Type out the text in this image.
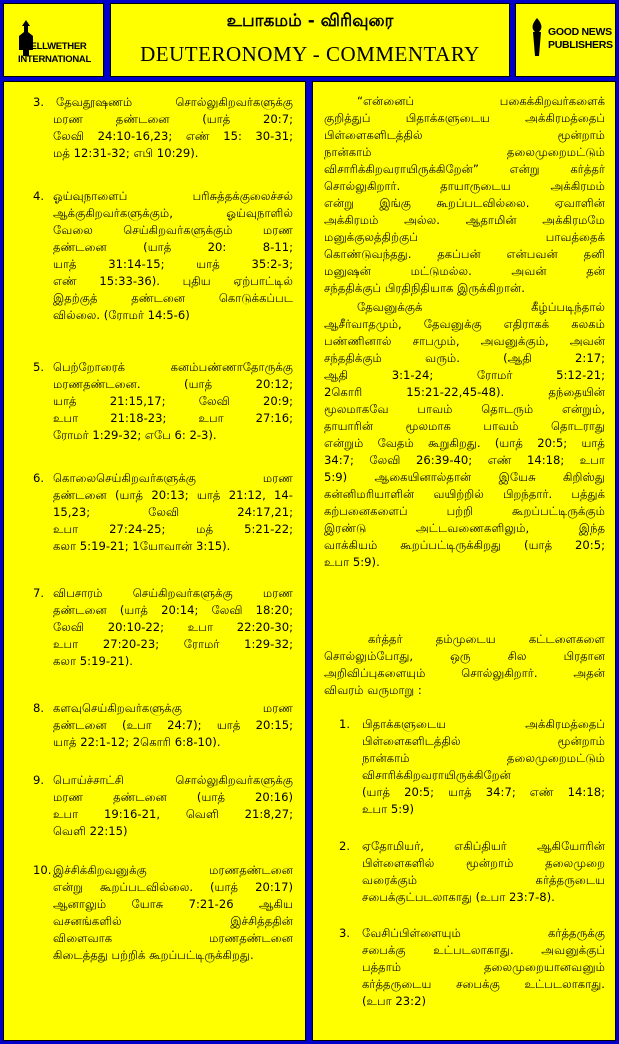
BELLWETHER
INTERNATIONAL
உபாகமம் - விரிவுரை
DEUTERONOMY - COMMENTARY
GOOD NEWS
PUBLISHERS
3. தேவதூஷணம் சொல்லுகிறவர்களுக்கு
மரண தண்டனை (யாத் 20:7;
லேவி 24:10-16,23; எண் 15: 30-31;
மத் 12:31-32; எபி 10:29).
4. ஓய்வுநாளைப் பரிசுத்தக்குலைச்சல்
ஆக்குகிறவர்களுக்கும், ஓய்வுநாளில்
வேலை செய்கிறவர்களுக்கும் மரண
தண்டனை (யாத் 20: 8-11;
யாத் 31:14-15; யாத் 35:2-3;
எண் 15:33-36). புதிய ஏற்பாட்டில்
இதற்குத் தண்டனை கொடுக்கப்பட
வில்லை. (ரோமர் 14:5-6)
5. பெற்றோரைக் கனம்பண்ணாதோருக்கு
மரணதண்டனை. (யாத் 20:12;
யாத் 21:15,17; லேவி 20:9;
உபா 21:18-23; உபா 27:16;
ரோமர் 1:29-32; எபே 6: 2-3).
6. கொலைசெய்கிறவர்களுக்கு மரண
தண்டனை (யாத் 20:13; யாத் 21:12, 14-
15,23; லேவி 24:17,21;
உபா 27:24-25; மத் 5:21-22;
கலா 5:19-21; 1யோவான் 3:15).
7. விபசாரம் செய்கிறவர்களுக்கு மரண
தண்டனை (யாத் 20:14; லேவி 18:20;
லேவி 20:10-22; உபா 22:20-30;
உபா 27:20-23; ரோமர் 1:29-32;
கலா 5:19-21).
8. களவுசெய்கிறவர்களுக்கு மரண
தண்டனை (உபா 24:7); யாத் 20:15;
யாத் 22:1-12; 2கொரி 6:8-10).
9. பொய்ச்சாட்சி சொல்லுகிறவர்களுக்கு
மரண தண்டனை (யாத் 20:16)
உபா 19:16-21, வெளி 21:8,27;
வெளி 22:15)
10. இச்சிக்கிறவனுக்கு மரணதண்டனை
என்று கூறப்படவில்லை. (யாத் 20:17)
ஆனாலும் யோசு 7:21-26 ஆகிய
வசனங்களில் இச்சித்ததின்
விளைவாக மரணதண்டனை
கிடைத்தது பற்றிக் கூறப்பட்டிருக்கிறது.
“என்னைப் பகைக்கிறவர்களைக்
குறித்துப் பிதாக்களுடைய அக்கிரமத்தைப்
பிள்ளைகளிடத்தில் மூன்றாம்
நான்காம் தலைமுறைமட்டும்
விசாரிக்கிறவராயிருக்கிறேன்” என்று கர்த்தர்
சொல்லுகிறார். தாயாருடைய அக்கிரமம்
என்று இங்கு கூறப்படவில்லை. ஏவாளின்
அக்கிரமம் அல்ல. ஆதாமின் அக்கிரமமே
மனுக்குலத்திற்குப் பாவத்தைக்
கொண்டுவந்தது. தகப்பன் என்பவன் தனி
மனுஷன் மட்டுமல்ல. அவன் தன்
சந்ததிக்குப் பிரதிநிதியாக இருக்கிறான்.
தேவனுக்குக் கீழ்ப்படிந்தால்
ஆசீர்வாதமும், தேவனுக்கு எதிராகக் கலகம்
பண்ணினால் சாபமும், அவனுக்கும், அவன்
சந்ததிக்கும் வரும். (ஆதி 2:17;
ஆதி 3:1-24; ரோமர் 5:12-21;
2கொரி 15:21-22,45-48). தந்தையின்
மூலமாகவே பாவம் தொடரும் என்றும்,
தாயாரின் மூலமாக பாவம் தொடராது
என்றும் வேதம் கூறுகிறது. (யாத் 20:5; யாத்
34:7; லேவி 26:39-40; எண் 14:18; உபா
5:9) ஆகையினால்தான் இயேசு கிறிஸ்து
கன்னிமரியாளின் வயிற்றில் பிறந்தார். பத்துக்
கற்பனைகளைப் பற்றி கூறப்பட்டிருக்கும்
இரண்டு அட்டவணைகளிலும், இந்த
வாக்கியம் கூறப்பட்டிருக்கிறது (யாத் 20:5;
உபா 5:9).
கர்த்தர் தம்முடைய கட்டளைகளை
சொல்லும்போது, ஒரு சில பிரதான
அறிவிப்புகளையும் சொல்லுகிறார். அதன்
விவரம் வருமாறு :
1. பிதாக்களுடைய அக்கிரமத்தைப்
பிள்ளைகளிடத்தில் மூன்றாம்
நான்காம் தலைமுறைமட்டும்
விசாரிக்கிறவராயிருக்கிறேன்
(யாத் 20:5; யாத் 34:7; எண் 14:18;
உபா 5:9)
2. ஏதோமியர், எகிப்தியர் ஆகியோரின்
பிள்ளைகளில் மூன்றாம் தலைமுறை
வரைக்கும் கர்த்தருடைய
சபைக்குட்படலாகாது (உபா 23:7-8).
3. வேசிப்பிள்ளையும் கர்த்தருக்கு
சபைக்கு உட்படலாகாது. அவனுக்குப்
பத்தாம் தலைமுறையானவனும்
கர்த்தருடைய சபைக்கு உட்படலாகாது.
(உபா 23:2)
